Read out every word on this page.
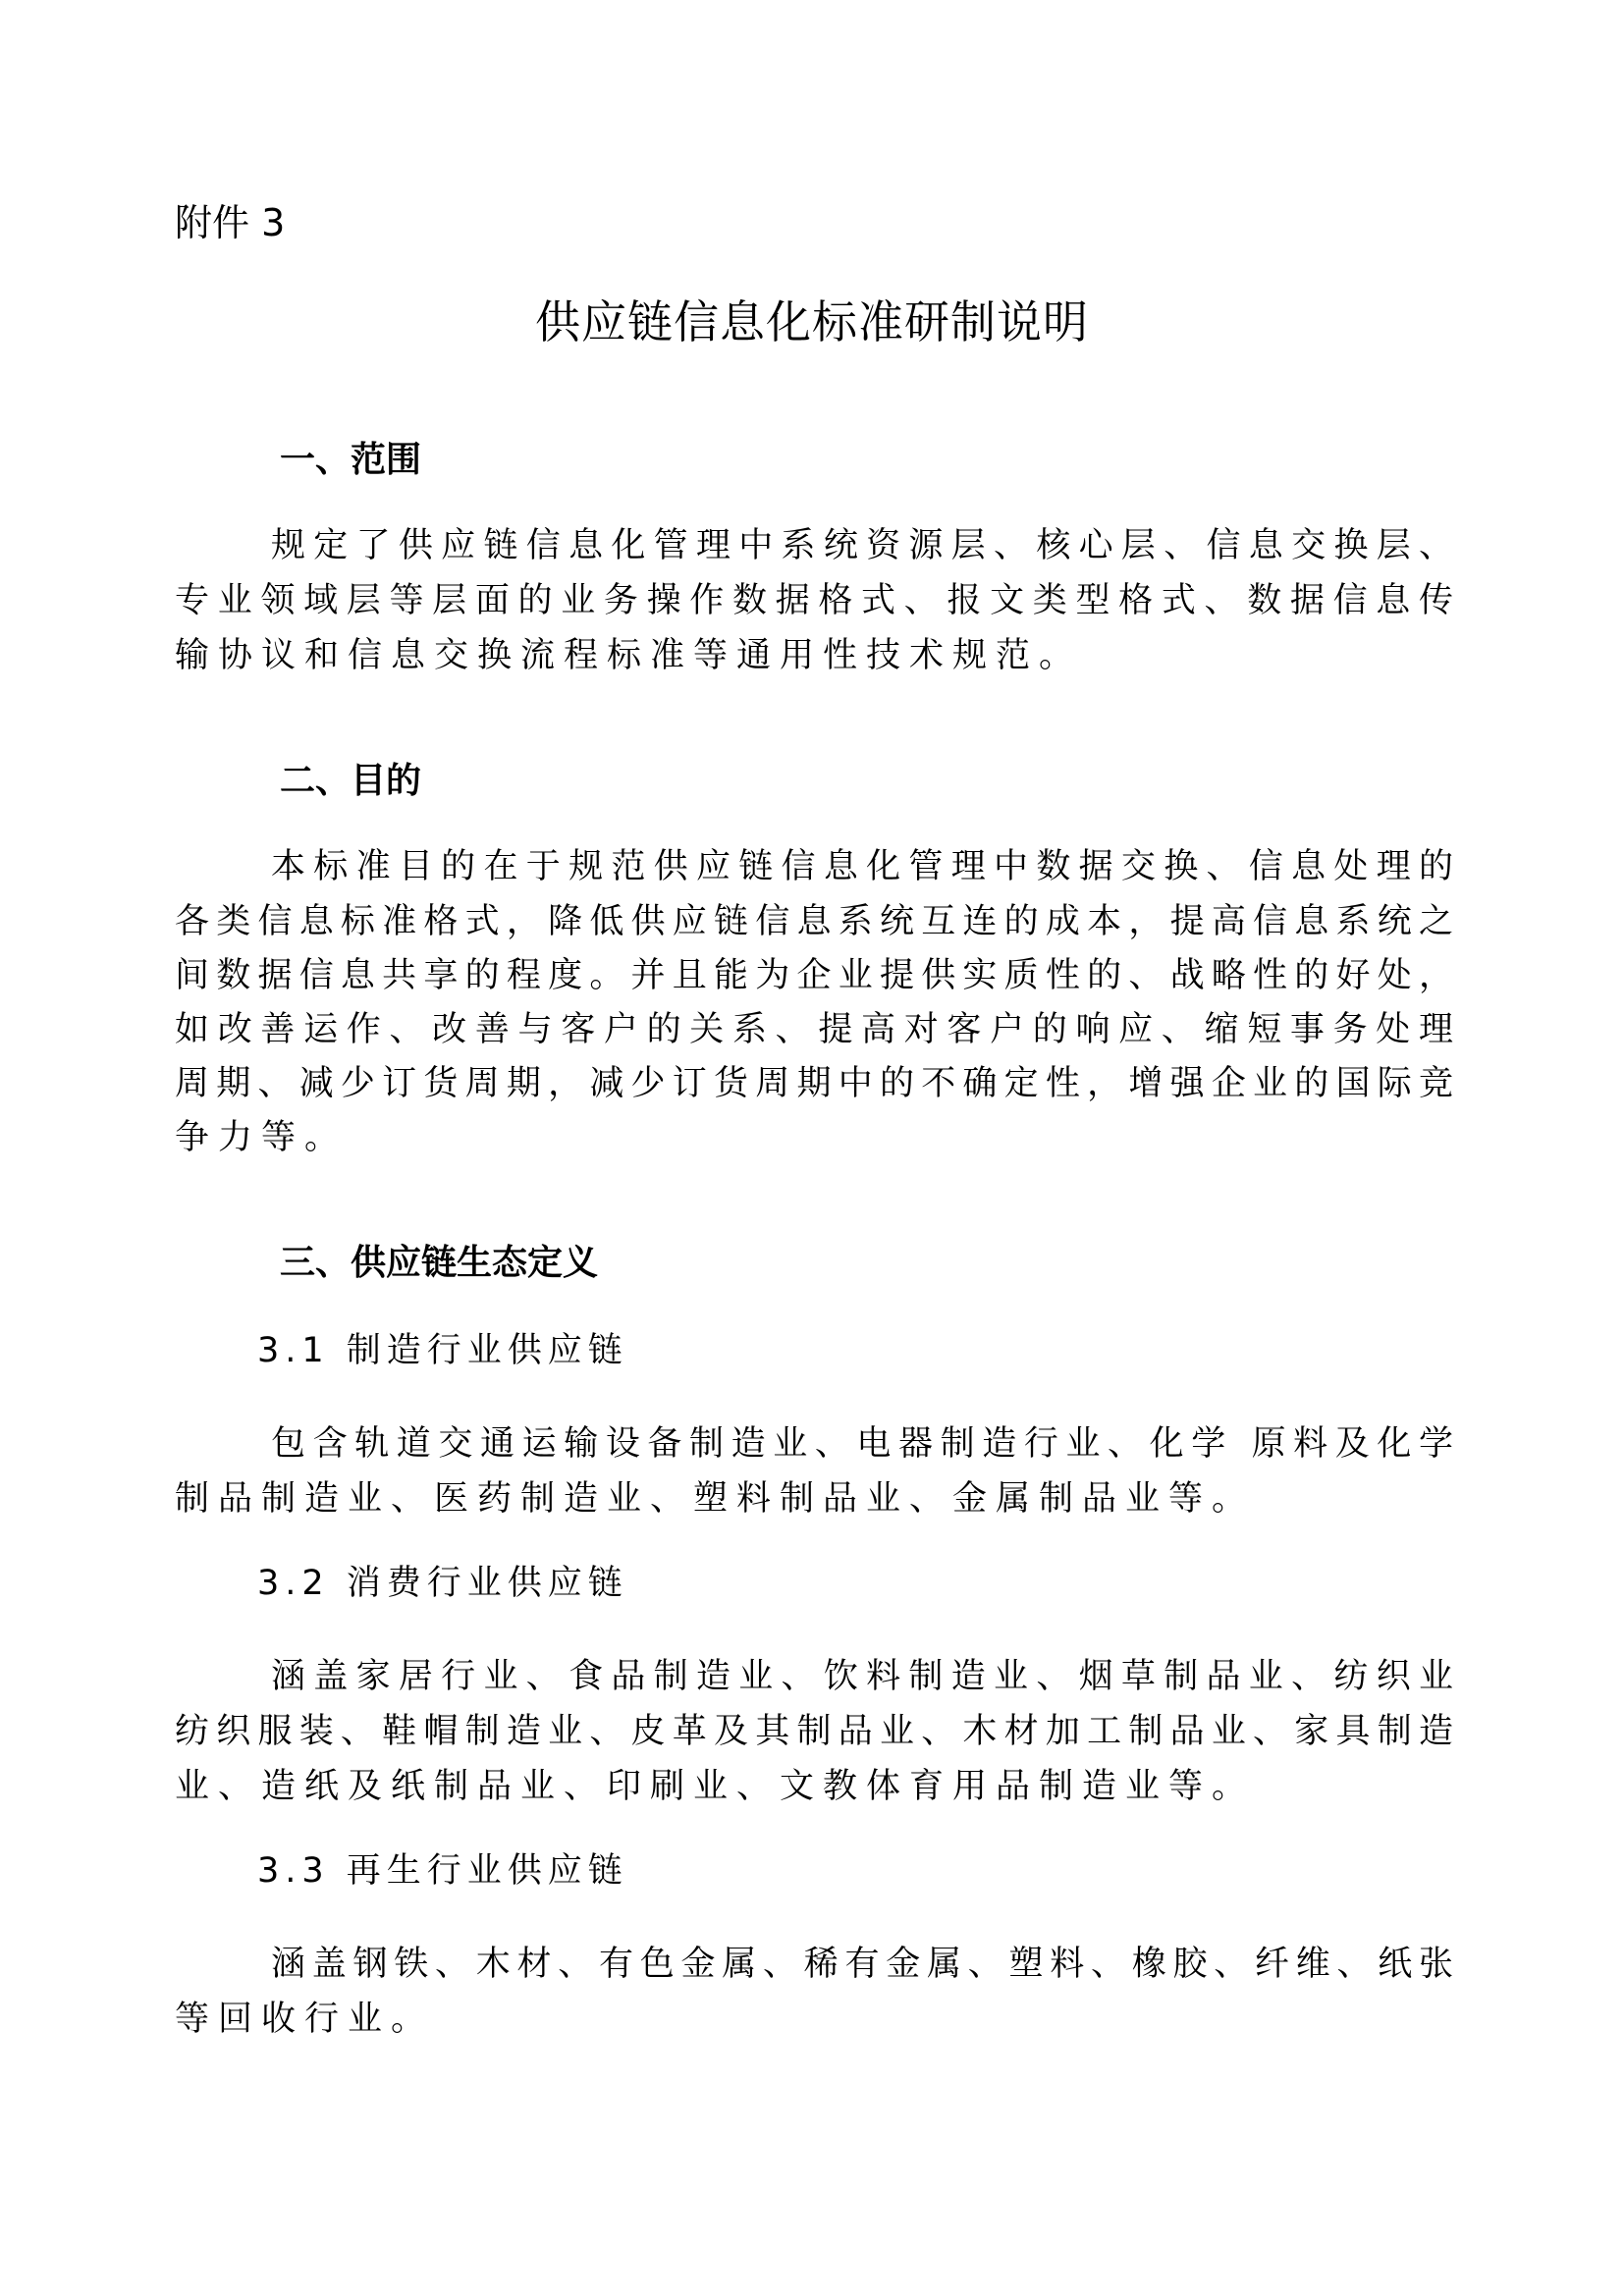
附件 3
供应链信息化标准研制说明
一、范围
规定了供应链信息化管理中系统资源层、核心层、信息交换层、
专业领域层等层面的业务操作数据格式、报文类型格式、数据信息传
输协议和信息交换流程标准等通用性技术规范。
二、目的
本标准目的在于规范供应链信息化管理中数据交换、信息处理的
各类信息标准格式，降低供应链信息系统互连的成本，提高信息系统之
间数据信息共享的程度。并且能为企业提供实质性的、战略性的好处，
如改善运作、改善与客户的关系、提高对客户的响应、缩短事务处理
周期、减少订货周期，减少订货周期中的不确定性，增强企业的国际竞
争力等。
三、供应链生态定义
3.1 制造行业供应链
包含轨道交通运输设备制造业、电器制造行业、化学 原料及化学
制品制造业、医药制造业、塑料制品业、金属制品业等。
3.2 消费行业供应链
涵盖家居行业、食品制造业、饮料制造业、烟草制品业、纺织业
纺织服装、鞋帽制造业、皮革及其制品业、木材加工制品业、家具制造
业、造纸及纸制品业、印刷业、文教体育用品制造业等。
3.3 再生行业供应链
涵盖钢铁、木材、有色金属、稀有金属、塑料、橡胶、纤维、纸张
等回收行业。
